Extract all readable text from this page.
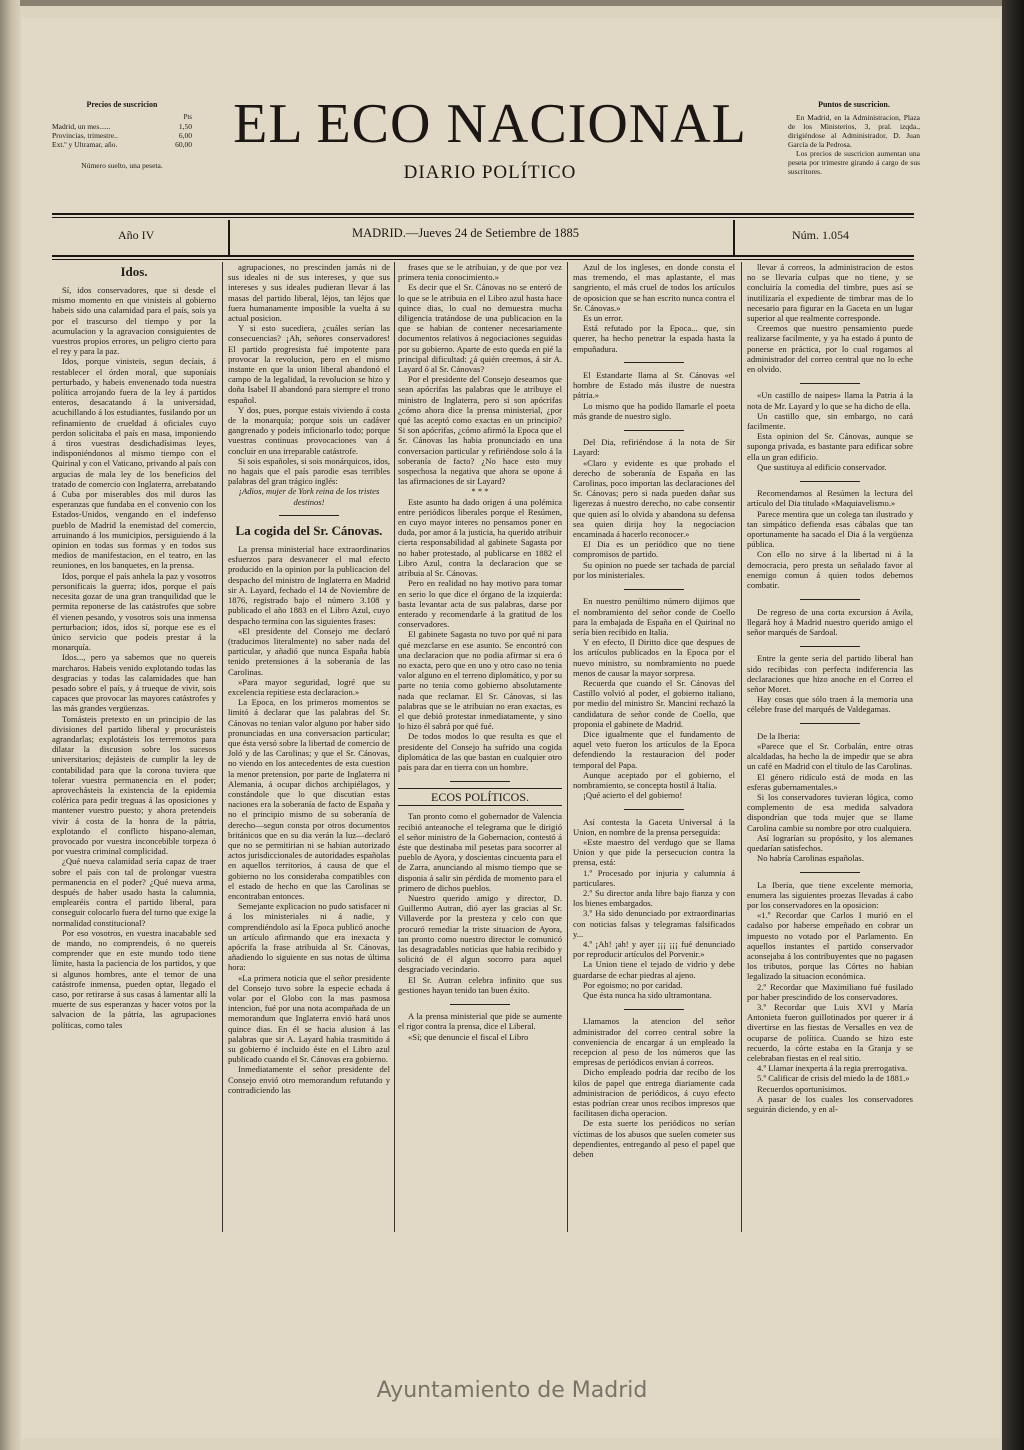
Precios de suscricion
Pts
Madrid, un mes......	1,50
Provincias, trimestre..	6,00
Ext.º y Ultramar, año.	60,00
Número suelto, una peseta.
EL ECO NACIONAL
DIARIO POLÍTICO
Puntos de suscricion.
En Madrid, en la Administracion, Plaza de los Ministerios, 3, pral. izqda., dirigiéndose al Administrador, D. Juan García de la Pedrosa.
Los precios de suscricion aumentan una peseta por trimestre girando á cargo de sus suscritores.
Año IV	MADRID.—Jueves 24 de Setiembre de 1885	Núm. 1.054

Idos.

Sí, idos conservadores, que si desde el mismo momento en que vinisteis al gobierno habeis sido una calamidad para el país, sois ya por el trascurso del tiempo y por la acumulacion y la agravacion consiguientes de vuestros propios errores, un peligro cierto para el rey y para la paz.

Idos, porque vinisteis, segun decíais, á restablecer el órden moral, que suponíais perturbado, y habeis envenenado toda nuestra política arrojando fuera de la ley á partidos enteros, desacatando á la universidad, acuchillando á los estudiantes, fusilando por un refinamiento de crueldad á oficiales cuyo perdon solicitaba el país en masa, imponiendo á tiros vuestras desdichadísimas leyes, indisponiéndonos al mismo tiempo con el Quirinal y con el Vaticano, privando al país con argucias de mala ley de los beneficios del tratado de comercio con Inglaterra, arrebatando á Cuba por miserables dos mil duros las esperanzas que fundaba en el convenio con los Estados-Unidos, vengando en el indefenso pueblo de Madrid la enemistad del comercio, arruinando á los municipios, persiguiendo á la opinion en todas sus formas y en todos sus medios de manifestacion, en el teatro, en las reuniones, en los banquetes, en la prensa.

Idos, porque el país anhela la paz y vosotros personificais la guerra; idos, porque el país necesita gozar de una gran tranquilidad que le permita reponerse de las catástrofes que sobre él vienen pesando, y vosotros sois una inmensa perturbacion; idos, idos sí, porque ese es el único servicio que podeis prestar á la monarquía.

Idos..., pero ya sabemos que no quereis marcharos. Habeis venido explotando todas las desgracias y todas las calamidades que han pesado sobre el país, y á trueque de vivir, sois capaces que provocar las mayores catástrofes y las más grandes vergüenzas.

Tomásteis pretexto en un principio de las divisiones del partido liberal y procurásteis agrandarlas; explotásteis los terremotos para dilatar la discusion sobre los sucesos universitarios; dejásteis de cumplir la ley de contabilidad para que la corona tuviera que tolerar vuestra permanencia en el poder; aprovechásteis la existencia de la epidemia colérica para pedir treguas á las oposiciones y mantener vuestro puesto; y ahora pretendeis vivir á costa de la honra de la pátria, explotando el conflicto hispano-aleman, provocado por vuestra inconcebible torpeza ó por vuestra criminal complicidad.

¿Qué nueva calamidad sería capaz de traer sobre el país con tal de prolongar vuestra permanencia en el poder? ¿Qué nueva arma, después de haber usado hasta la calumnia, emplearéis contra el partido liberal, para conseguir colocarlo fuera del turno que exige la normalidad constitucional?

Por eso vosotros, en vuestra inacabable sed de mando, no comprendeis, ó no quereis comprender que en este mundo todo tiene límite, hasta la paciencia de los partidos, y que si algunos hombres, ante el temor de una catástrofe inmensa, pueden optar, llegado el caso, por retirarse á sus casas á lamentar allí la muerte de sus esperanzas y hacer votos por la salvacion de la pátria, las agrupaciones políticas, como tales

agrupaciones, no prescinden jamás ni de sus ideales ni de sus intereses, y que sus intereses y sus ideales pudieran llevar á las masas del partido liberal, léjos, tan léjos que fuera humanamente imposible la vuelta á su actual posicion.

Y si esto sucediera, ¿cuáles serían las consecuencias? ¡Ah, señores conservadores! El partido progresista fué impotente para provocar la revolucion, pero en el mismo instante en que la union liberal abandonó el campo de la legalidad, la revolucion se hizo y doña Isabel II abandonó para siempre el trono español.

Y dos, pues, porque estais viviendo á costa de la monarquía; porque sois un cadáver gangrenado y podeis inficionarlo todo; porque vuestras continuas provocaciones van á concluir en una irreparable catástrofe.

Si sois españoles, si sois monárquicos, idos, no hagais que el país parodie esas terribles palabras del gran trágico inglés:

¡Adios, mujer de York reina de los tristes destinos!

La cogida del Sr. Cánovas.

La prensa ministerial hace extraordinarios esfuerzos para desvanecer el mal efecto producido en la opinion por la publicacion del despacho del ministro de Inglaterra en Madrid sir A. Layard, fechado el 14 de Noviembre de 1876, registrado bajo el número 3.108 y publicado el año 1883 en el Libro Azul, cuyo despacho termina con las siguientes frases:

«El presidente del Consejo me declaró (traducimos literalmente) no saber nada del particular, y añadió que nunca España había tenido pretensiones á la soberanía de las Carolinas.

»Para mayor seguridad, logré que su excelencia repitiese esta declaracion.»

La Epoca, en los primeros momentos se limitó á declarar que las palabras del Sr. Cánovas no tenian valor alguno por haber sido pronunciadas en una conversacion particular; que ésta versó sobre la libertad de comercio de Joló y de las Carolinas; y que el Sr. Cánovas, no viendo en los antecedentes de esta cuestion la menor pretension, por parte de Inglaterra ni Alemania, á ocupar dichos archipiélagos, y constándole que lo que discutian estas naciones era la soberanía de facto de España y no el principio mismo de su soberanía de derecho—segun consta por otros documentos británicos que en su dia verán la luz—declaró que no se permitirian ni se habian autorizado actos jurisdiccionales de autoridades españolas en aquellos territorios, á causa de que el gobierno no los consideraba compatibles con el estado de hecho en que las Carolinas se encontraban entonces.

Semejante explicacion no pudo satisfacer ni á los ministeriales ni á nadie, y comprendiéndolo así la Epoca publicó anoche un artículo afirmando que era inexacta y apócrifa la frase atribuida al Sr. Cánovas, añadiendo lo siguiente en sus notas de última hora:

«La primera noticia que el señor presidente del Consejo tuvo sobre la especie echada á volar por el Globo con la mas pasmosa intencion, fué por una nota acompañada de un memorandum que Inglaterra envió hará unos quince dias. En él se hacia alusion á las palabras que sir A. Layard habia trasmitido á su gobierno é incluido éste en el Libro azul publicado cuando el Sr. Cánovas era gobierno.

Inmediatamente el señor presidente del Consejo envió otro memorandum refutando y contradiciendo las

frases que se le atribuian, y de que por vez primera tenia conocimiento.»

Es decir que el Sr. Cánovas no se enteró de lo que se le atribuia en el Libro azul hasta hace quince dias, lo cual no demuestra mucha diligencia tratándose de una publicacion en la que se habian de contener necesariamente documentos relativos á negociaciones seguidas por su gobierno. Aparte de esto queda en pié la principal dificultad: ¿á quién creemos, á sir A. Layard ó al Sr. Cánovas?

Por el presidente del Consejo deseamos que sean apócrifas las palabras que le atribuye el ministro de Inglaterra, pero si son apócrifas ¿cómo ahora dice la prensa ministerial, ¿por qué las aceptó como exactas en un principio? Si son apócrifas, ¿cómo afirmó la Epoca que el Sr. Cánovas las habia pronunciado en una conversacion particular y refiriéndose solo á la soberanía de facto? ¿No hace esto muy sospechosa la negativa que ahora se opone á las afirmaciones de sir Layard?

* * *

Este asunto ha dado origen á una polémica entre periódicos liberales porque el Resúmen, en cuyo mayor interes no pensamos poner en duda, por amor á la justicia, ha querido atribuir cierta responsabilidad al gabinete Sagasta por no haber protestado, al publicarse en 1882 el Libro Azul, contra la declaracion que se atribuia al Sr. Cánovas.

Pero en realidad no hay motivo para tomar en serio lo que dice el órgano de la izquierda: basta levantar acta de sus palabras, darse por enterado y recomendarle á la gratitud de los conservadores.

El gabinete Sagasta no tuvo por qué ni para qué mezclarse en ese asunto. Se encontró con una declaracion que no podia afirmar si era ó no exacta, pero que en uno y otro caso no tenia valor alguno en el terreno diplomático, y por su parte no tenia como gobierno absolutamente nada que reclamar. El Sr. Cánovas, si las palabras que se le atribuian no eran exactas, es el que debió protestar inmediatamente, y sino lo hizo él sabrá por qué fué.

De todos modos lo que resulta es que el presidente del Consejo ha sufrido una cogida diplomática de las que bastan en cualquier otro país para dar en tierra con un hombre.

ECOS POLÍTICOS.

Tan pronto como el gobernador de Valencia recibió anteanoche el telegrama que le dirigió el señor ministro de la Gobernacion, contestó á éste que destinaba mil pesetas para socorrer al pueblo de Ayora, y doscientas cincuenta para el de Zarra, anunciando al mismo tiempo que se disponia á salir sin pérdida de momento para el primero de dichos pueblos.

Nuestro querido amigo y director, D. Guillermo Autran, dió ayer las gracias al Sr. Villaverde por la presteza y celo con que procuró remediar la triste situacion de Ayora, tan pronto como nuestro director le comunicó las desagradables noticias que habia recibido y solicitó de él algun socorro para aquel desgraciado vecindario.

El Sr. Autran celebra infinito que sus gestiones hayan tenido tan buen éxito.

A la prensa ministerial que pide se aumente el rigor contra la prensa, dice el Liberal.

«Sí; que denuncie el fiscal el Libro

Azul de los ingleses, en donde consta el mas tremendo, el mas aplastante, el mas sangriento, el más cruel de todos los artículos de oposicion que se han escrito nunca contra el Sr. Cánovas.»

Es un error.

Está refutado por la Epoca... que, sin querer, ha hecho penetrar la espada hasta la empuñadura.

El Estandarte llama al Sr. Cánovas «el hombre de Estado más ilustre de nuestra pátria.»

Lo mismo que ha podido llamarle el poeta más grande de nuestro siglo.

Del Dia, refiriéndose á la nota de Sir Layard:

«Claro y evidente es que probado el derecho de soberanía de España en las Carolinas, poco importan las declaraciones del Sr. Cánovas; pero si nada pueden dañar sus ligerezas á nuestro derecho, no cabe consentir que quien así lo olvida y abandona su defensa sea quien dirija hoy la negociacion encaminada á hacerlo reconocer.»

El Dia es un periódico que no tiene compromisos de partido.

Su opinion no puede ser tachada de parcial por los ministeriales.

En nuestro penúltimo número dijimos que el nombramiento del señor conde de Coello para la embajada de España en el Quirinal no sería bien recibido en Italia.

Y en efecto, Il Diritto dice que despues de los artículos publicados en la Epoca por el nuevo ministro, su nombramiento no puede menos de causar la mayor sorpresa.

Recuerda que cuando el Sr. Cánovas del Castillo volvió al poder, el gobierno italiano, por medio del ministro Sr. Mancini rechazó la candidatura de señor conde de Coello, que proponia el gabinete de Madrid.

Dice igualmente que el fundamento de aquel veto fueron los artículos de la Epoca defendiendo la restauracion del poder temporal del Papa.

Aunque aceptado por el gobierno, el nombramiento, se concepta hostil á Italia.

¡Qué acierto el del gobierno!

Así contesta la Gaceta Universal á la Union, en nombre de la prensa perseguida:

«Este maestro del verdugo que se llama Union y que pide la persecucion contra la prensa, está:

1.º Procesado por injuria y calumnia á particulares.

2.º Su director anda libre bajo fianza y con los bienes embargados.

3.º Ha sido denunciado por extraordinarias con noticias falsas y telegramas falsificados y...

4.º ¡Ah! ¡ah! y ayer ¡¡¡ ¡¡¡ fué denunciado por reproducir artículos del Porvenir.»

La Union tiene el tejado de vidrio y debe guardarse de echar piedras al ajeno.

Por egoismo; no por caridad.

Que ésta nunca ha sido ultramontana.

Llamamos la atencion del señor administrador del correo central sobre la conveniencia de encargar á un empleado la recepcion al peso de los números que las empresas de periódicos envian á correos.

Dicho empleado podria dar recibo de los kilos de papel que entrega diariamente cada administracion de periódicos, á cuyo efecto estas podrían crear unos recibos impresos que facilitasen dicha operacion.

De esta suerte los periódicos no serían víctimas de los abusos que suelen cometer sus dependientes, entregando al peso el papel que deben

llevar á correos, la administracion de estos no se llevaría culpas que no tiene, y se concluiría la comedia del timbre, pues así se inutilizaría el expediente de timbrar mas de lo necesario para figurar en la Gaceta en un lugar superior al que realmente corresponde.

Creemos que nuestro pensamiento puede realizarse facilmente, y ya ha estado á punto de ponerse en práctica, por lo cual rogamos al administrador del correo central que no lo eche en olvido.

«Un castillo de naipes» llama la Patria á la nota de Mr. Layard y lo que se ha dicho de ella.

Un castillo que, sin embargo, no cará facilmente.

Esta opinion del Sr. Cánovas, aunque se suponga privada, es bastante para edificar sobre ella un gran edificio.

Que sustituya al edificio conservador.

Recomendamos al Resúmen la lectura del artículo del Dia titulado «Maquiavelismo.»

Parece mentira que un colega tan ilustrado y tan simpático defienda esas cábalas que tan oportunamente ha sacado el Dia á la vergüenza pública.

Con ello no sirve á la libertad ni á la democracia, pero presta un señalado favor al enemigo comun á quien todos debemos combatir.

De regreso de una corta excursion á Avila, llegará hoy á Madrid nuestro querido amigo el señor marqués de Sardoal.

Entre la gente seria del partido liberal han sido recibidas con perfecta indiferencia las declaraciones que hizo anoche en el Correo el señor Moret.

Hay cosas que sólo traen á la memoria una célebre frase del marqués de Valdegamas.

De la Iberia:

«Parece que el Sr. Corbalán, entre otras alcaldadas, ha hecho la de impedir que se abra un café en Madrid con el título de las Carolinas.

El género ridículo está de moda en las esferas gubernamentales.»

Si los conservadores tuvieran lógica, como complemento de esa medida salvadora dispondrían que toda mujer que se llame Carolina cambie su nombre por otro cualquiera.

Así lograrían su propósito, y los alemanes quedarían satisfechos.

No habría Carolinas españolas.

La Iberia, que tiene excelente memoria, enumera las siguientes proezas llevadas á cabo por los conservadores en la oposicion:

«1.º Recordar que Carlos I murió en el cadalso por haberse empeñado en cobrar un impuesto no votado por el Parlamento. En aquellos instantes el partido conservador aconsejaba á los contribuyentes que no pagasen los tributos, porque las Córtes no habian legalizado la situacion económica.

2.º Recordar que Maximiliano fué fusilado por haber prescindido de los conservadores.

3.º Recordar que Luis XVI y María Antonieta fueron guillotinados por querer ir á divertirse en las fiestas de Versalles en vez de ocuparse de política. Cuando se hizo este recuerdo, la córte estaba en la Granja y se celebraban fiestas en el real sitio.

4.º Llamar inexperta á la regia prerrogativa.

5.º Calificar de crisis del miedo la de 1881.»

Recuerdos oportunísimos.

A pasar de los cuales los conservadores seguirán diciendo, y en al-

Ayuntamiento de Madrid
